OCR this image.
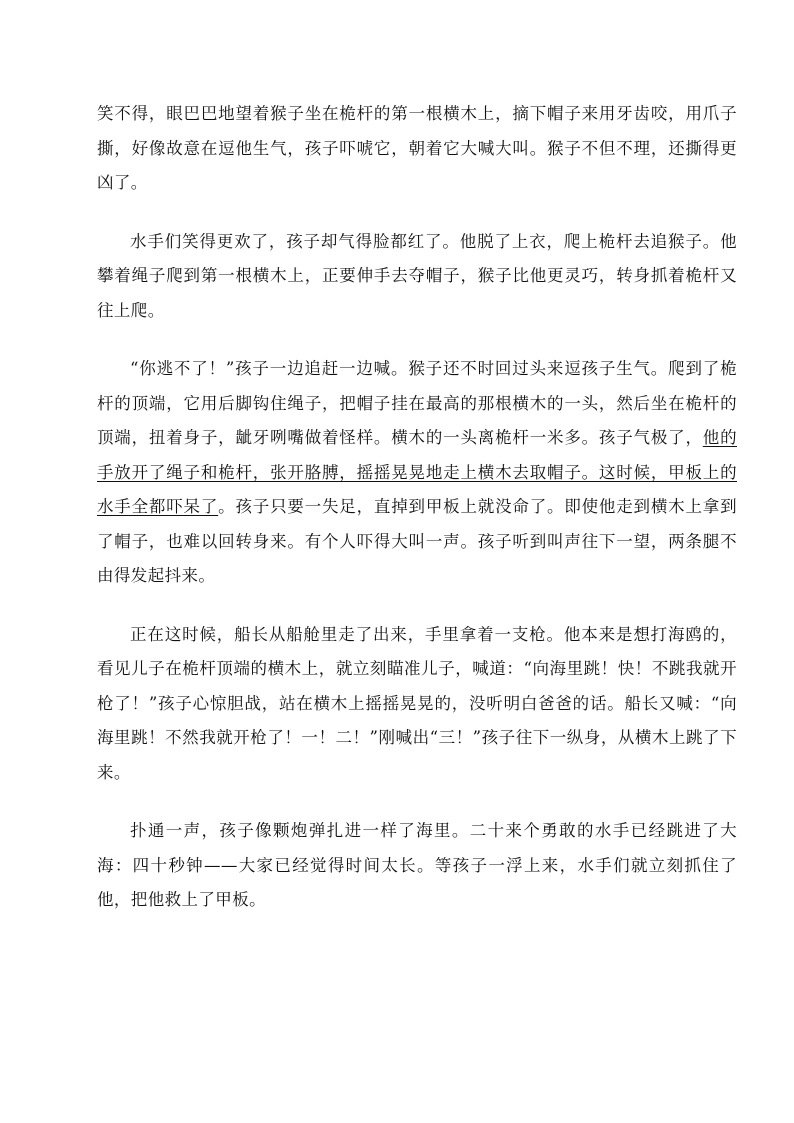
笑不得，眼巴巴地望着猴子坐在桅杆的第一根横木上，摘下帽子来用牙齿咬，用爪子撕，好像故意在逗他生气，孩子吓唬它，朝着它大喊大叫。猴子不但不理，还撕得更凶了。

水手们笑得更欢了，孩子却气得脸都红了。他脱了上衣，爬上桅杆去追猴子。他攀着绳子爬到第一根横木上，正要伸手去夺帽子，猴子比他更灵巧，转身抓着桅杆又往上爬。

“你逃不了！”孩子一边追赶一边喊。猴子还不时回过头来逗孩子生气。爬到了桅杆的顶端，它用后脚钩住绳子，把帽子挂在最高的那根横木的一头，然后坐在桅杆的顶端，扭着身子，龇牙咧嘴做着怪样。横木的一头离桅杆一米多。孩子气极了，他的手放开了绳子和桅杆，张开胳膊，摇摇晃晃地走上横木去取帽子。这时候，甲板上的水手全都吓呆了。孩子只要一失足，直掉到甲板上就没命了。即使他走到横木上拿到了帽子，也难以回转身来。有个人吓得大叫一声。孩子听到叫声往下一望，两条腿不由得发起抖来。

正在这时候，船长从船舱里走了出来，手里拿着一支枪。他本来是想打海鸥的，看见儿子在桅杆顶端的横木上，就立刻瞄准儿子，喊道：“向海里跳！快！不跳我就开枪了！”孩子心惊胆战，站在横木上摇摇晃晃的，没听明白爸爸的话。船长又喊：“向海里跳！不然我就开枪了！一！二！”刚喊出“三！”孩子往下一纵身，从横木上跳了下来。

扑通一声，孩子像颗炮弹扎进一样了海里。二十来个勇敢的水手已经跳进了大海：四十秒钟——大家已经觉得时间太长。等孩子一浮上来，水手们就立刻抓住了他，把他救上了甲板。
